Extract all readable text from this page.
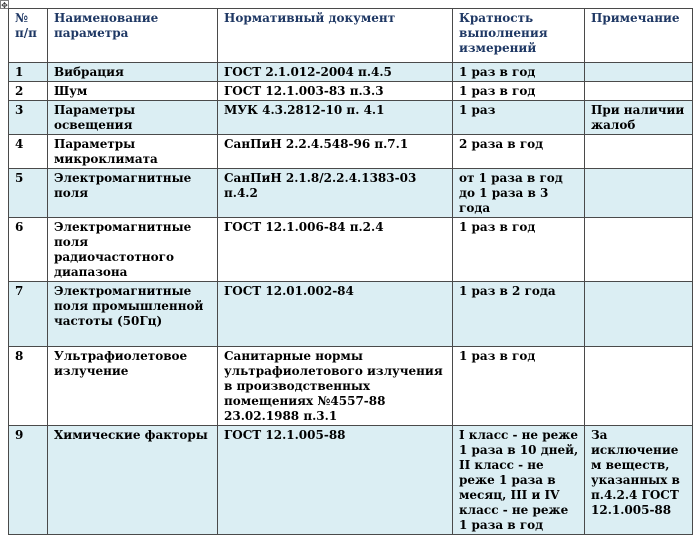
✥
№ п/п	Наименование параметра	Нормативный документ	Кратность выполнения измерений	Примечание
1	Вибрация	ГОСТ 2.1.012-2004 п.4.5	1 раз в год	
2	Шум	ГОСТ 12.1.003-83 п.3.3	1 раз в год	
3	Параметры освещения	МУК 4.3.2812-10 п. 4.1	1 раз	При наличии жалоб
4	Параметры микроклимата	СанПиН 2.2.4.548-96 п.7.1	2 раза в год	
5	Электромагнитные поля	СанПиН 2.1.8/2.2.4.1383-03 п.4.2	от 1 раза в год до 1 раза в 3 года	
6	Электромагнитные поля радиочастотного диапазона	ГОСТ 12.1.006-84 п.2.4	1 раз в год	
7	Электромагнитные поля промышленной частоты (50Гц)	ГОСТ 12.01.002-84	1 раз в 2 года	
8	Ультрафиолетовое излучение	Санитарные нормы ультрафиолетового излучения в производственных помещениях №4557-88 23.02.1988 п.3.1	1 раз в год	
9	Химические факторы	ГОСТ 12.1.005-88	I класс - не реже 1 раза в 10 дней, II класс - не реже 1 раза в месяц, III и IV класс - не реже 1 раза в год	За исключение м веществ, указанных в п.4.2.4 ГОСТ 12.1.005-88
